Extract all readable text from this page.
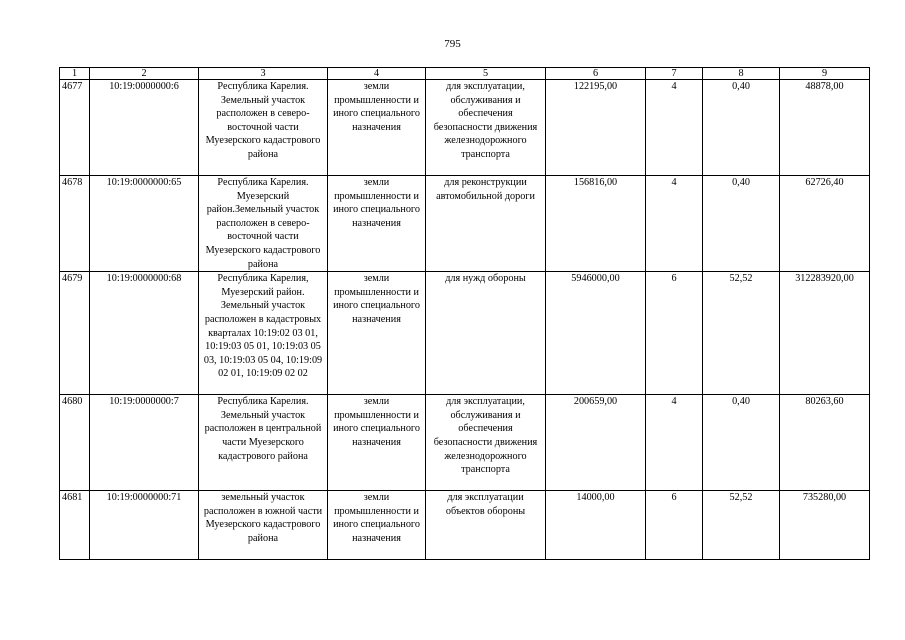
795
1	2	3	4	5	6	7	8	9
4677	10:19:0000000:6	Республика Карелия. Земельный участок расположен в северо-восточной части Муезерского кадастрового района	земли промышленности и иного специального назначения	для эксплуатации, обслуживания и обеспечения безопасности движения железнодорожного транспорта	122195,00	4	0,40	48878,00
4678	10:19:0000000:65	Республика Карелия. Муезерский район.Земельный участок расположен в северо-восточной части Муезерского кадастрового района	земли промышленности и иного специального назначения	для реконструкции автомобильной дороги	156816,00	4	0,40	62726,40
4679	10:19:0000000:68	Республика Карелия, Муезерский район. Земельный участок расположен в кадастровых кварталах 10:19:02 03 01, 10:19:03 05 01, 10:19:03 05 03, 10:19:03 05 04, 10:19:09 02 01, 10:19:09 02 02	земли промышленности и иного специального назначения	для нужд обороны	5946000,00	6	52,52	312283920,00
4680	10:19:0000000:7	Республика Карелия. Земельный участок расположен в центральной части Муезерского кадастрового района	земли промышленности и иного специального назначения	для эксплуатации, обслуживания и обеспечения безопасности движения железнодорожного транспорта	200659,00	4	0,40	80263,60
4681	10:19:0000000:71	земельный участок расположен в южной части Муезерского кадастрового района	земли промышленности и иного специального назначения	для эксплуатации объектов обороны	14000,00	6	52,52	735280,00
